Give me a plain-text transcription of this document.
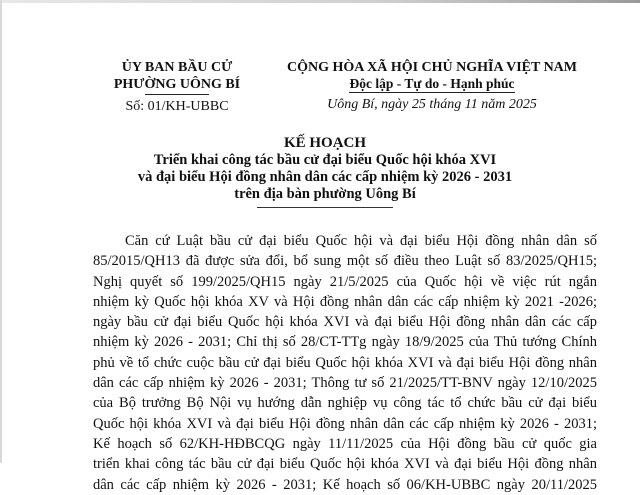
ỦY BAN BẦU CỬ
PHƯỜNG UÔNG BÍ
Số: 01/KH-UBBC
CỘNG HÒA XÃ HỘI CHỦ NGHĨA VIỆT NAM
Độc lập - Tự do - Hạnh phúc
Uông Bí, ngày 25 tháng 11 năm 2025
KẾ HOẠCH
Triển khai công tác bầu cử đại biểu Quốc hội khóa XVI
và đại biểu Hội đồng nhân dân các cấp nhiệm kỳ 2026 - 2031
trên địa bàn phường Uông Bí
Căn cứ Luật bầu cử đại biểu Quốc hội và đại biểu Hội đồng nhân dân số
85/2015/QH13 đã được sửa đổi, bổ sung một số điều theo Luật số 83/2025/QH15;
Nghị quyết số 199/2025/QH15 ngày 21/5/2025 của Quốc hội về việc rút ngắn
nhiệm kỳ Quốc hội khóa XV và Hội đồng nhân dân các cấp nhiệm kỳ 2021 -2026;
ngày bầu cử đại biểu Quốc hội khóa XVI và đại biểu Hội đồng nhân dân các cấp
nhiệm kỳ 2026 - 2031; Chỉ thị số 28/CT-TTg ngày 18/9/2025 của Thủ tướng Chính
phủ về tổ chức cuộc bầu cử đại biểu Quốc hội khóa XVI và đại biểu Hội đồng nhân
dân các cấp nhiệm kỳ 2026 - 2031; Thông tư số 21/2025/TT-BNV ngày 12/10/2025
của Bộ trưởng Bộ Nội vụ hướng dẫn nghiệp vụ công tác tổ chức bầu cử đại biểu
Quốc hội khóa XVI và đại biểu Hội đồng nhân dân các cấp nhiệm kỳ 2026 - 2031;
Kế hoạch số 62/KH-HĐBCQG ngày 11/11/2025 của Hội đồng bầu cử quốc gia
triển khai công tác bầu cử đại biểu Quốc hội khóa XVI và đại biểu Hội đồng nhân
dân các cấp nhiệm kỳ 2026 - 2031; Kế hoạch số 06/KH-UBBC ngày 20/11/2025
